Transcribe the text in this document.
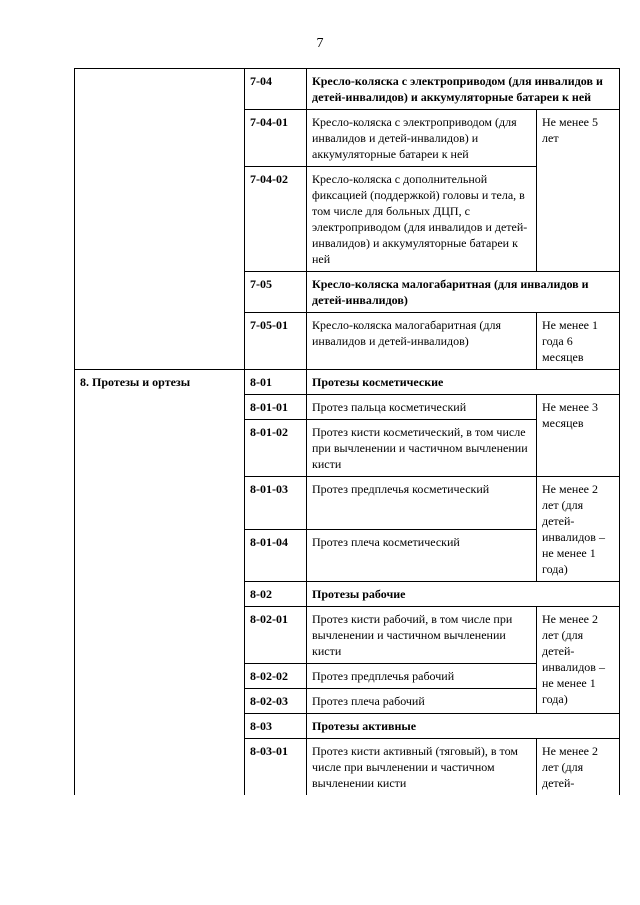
7
	7-04	Кресло-коляска с электроприводом (для инвалидов и детей-инвалидов) и аккумуляторные батареи к ней	
	7-04-01	Кресло-коляска с электроприводом (для инвалидов и детей-инвалидов) и аккумуляторные батареи к ней	Не менее 5 лет
	7-04-02	Кресло-коляска с дополнительной фиксацией (поддержкой) головы и тела, в том числе для больных ДЦП, с электроприводом (для инвалидов и детей-инвалидов) и аккумуляторные батареи к ней	
	7-05	Кресло-коляска малогабаритная (для инвалидов и детей-инвалидов)	
	7-05-01	Кресло-коляска малогабаритная (для инвалидов и детей-инвалидов)	Не менее 1 года 6 месяцев
8. Протезы и ортезы	8-01	Протезы косметические	
	8-01-01	Протез пальца косметический	Не менее 3 месяцев
	8-01-02	Протез кисти косметический, в том числе при вычленении и частичном вычленении кисти	
	8-01-03	Протез предплечья косметический	Не менее 2 лет (для детей-инвалидов – не менее 1 года)
	8-01-04	Протез плеча косметический	
	8-02	Протезы рабочие	
	8-02-01	Протез кисти рабочий, в том числе при вычленении и частичном вычленении кисти	Не менее 2 лет (для детей-инвалидов – не менее 1 года)
	8-02-02	Протез предплечья рабочий	
	8-02-03	Протез плеча рабочий	
	8-03	Протезы активные	
	8-03-01	Протез кисти активный (тяговый), в том числе при вычленении и частичном вычленении кисти	Не менее 2 лет (для детей-
